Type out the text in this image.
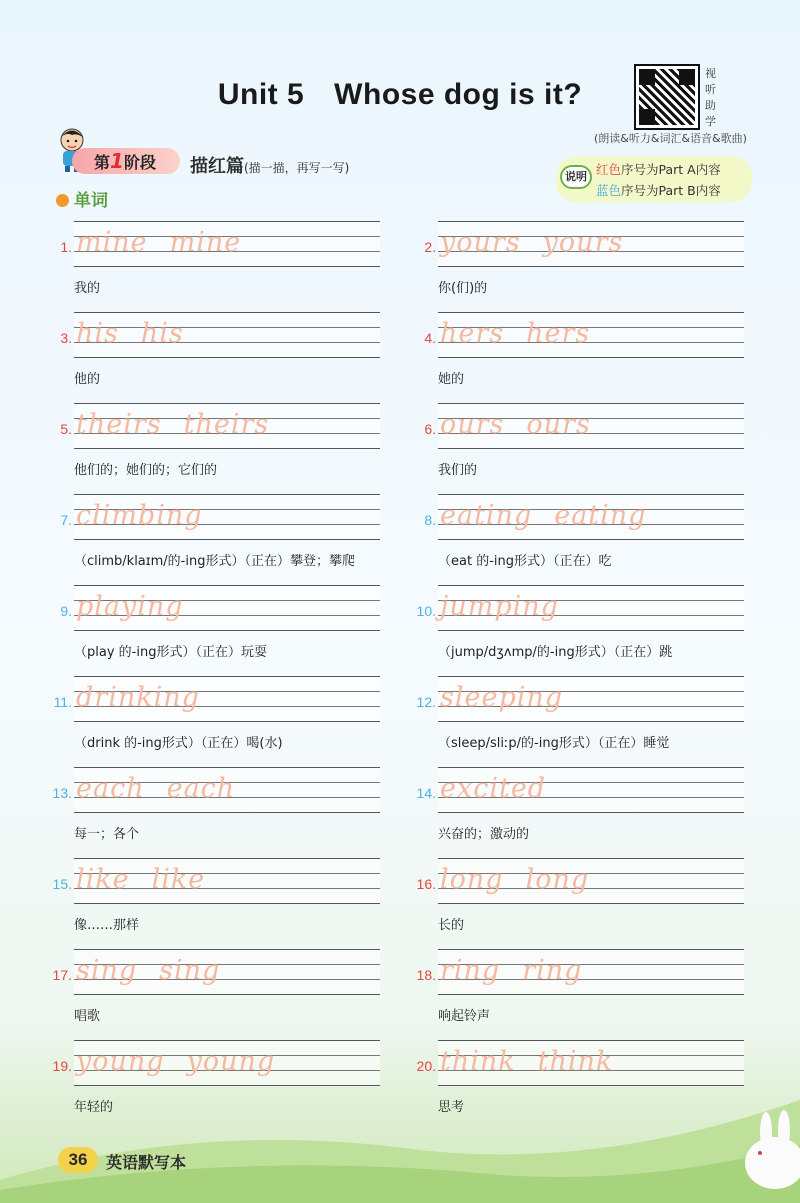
Unit 5 Whose dog is it?
视听助学
(朗读&听力&词汇&语音&歌曲)
第1阶段	描红篇(描一描，再写一写)
说明 红色序号为Part A内容
蓝色序号为Part B内容
单词
1. mine mine
我的
2. yours yours
你(们)的
3. his his
他的
4. hers hers
她的
5. theirs theirs
他们的；她们的；它们的
6. ours ours
我们的
7. climbing
（climb/klaɪm/的-ing形式）（正在）攀登；攀爬
8. eating eating
（eat 的-ing形式）（正在）吃
9. playing
（play 的-ing形式）（正在）玩耍
10. jumping
（jump/dʒʌmp/的-ing形式）（正在）跳
11. drinking
（drink 的-ing形式）（正在）喝(水)
12. sleeping
（sleep/sliːp/的-ing形式）（正在）睡觉
13. each each
每一；各个
14. excited
兴奋的；激动的
15. like like
像……那样
16. long long
长的
17. sing sing
唱歌
18. ring ring
响起铃声
19. young young
年轻的
20. think think
思考
36	英语默写本
